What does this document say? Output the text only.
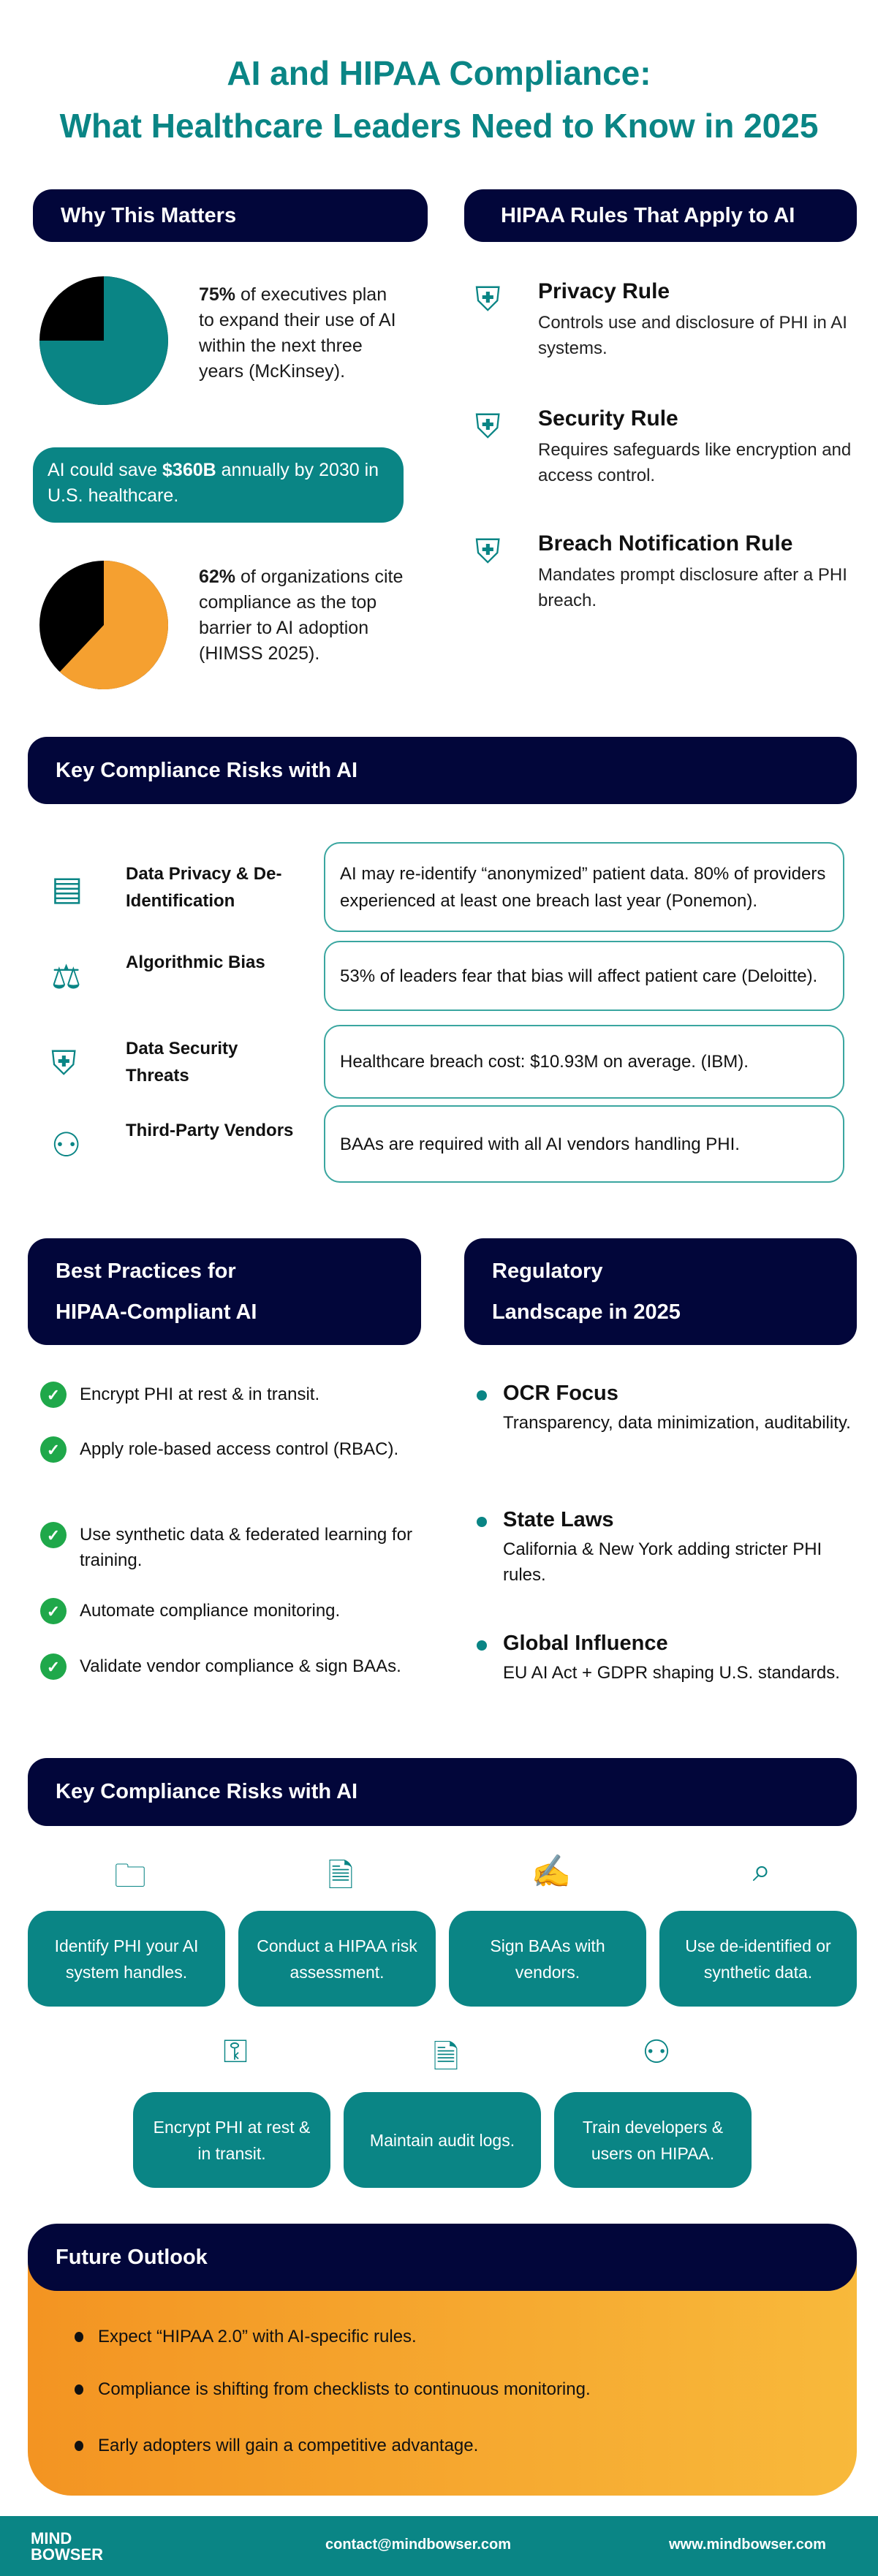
AI and HIPAA Compliance:
What Healthcare Leaders Need to Know in 2025
Why This Matters
75% of executives plan to expand their use of AI within the next three years (McKinsey).
AI could save $360B annually by 2030 in U.S. healthcare.
62% of organizations cite compliance as the top barrier to AI adoption (HIMSS 2025).
HIPAA Rules That Apply to AI
⛨ Privacy Rule
Controls use and disclosure of PHI in AI systems.
⛨ Security Rule
Requires safeguards like encryption and access control.
⛨ Breach Notification Rule
Mandates prompt disclosure after a PHI breach.
Key Compliance Risks with AI
▤ Data Privacy & De-Identification
AI may re-identify “anonymized” patient data. 80% of providers experienced at least one breach last year (Ponemon).
⚖	Algorithmic Bias
53% of leaders fear that bias will affect patient care (Deloitte).
⛨	Data Security Threats
Healthcare breach cost: $10.93M on average. (IBM).
⚇	Third-Party Vendors
BAAs are required with all AI vendors handling PHI.
Best Practices for HIPAA-Compliant AI
✓	Encrypt PHI at rest & in transit.
✓	Apply role-based access control (RBAC).
✓	Use synthetic data & federated learning for training.
✓	Automate compliance monitoring.
✓	Validate vendor compliance & sign BAAs.
Regulatory Landscape in 2025
OCR Focus
Transparency, data minimization, auditability.
State Laws
California & New York adding stricter PHI rules.
Global Influence
EU AI Act + GDPR shaping U.S. standards.
Key Compliance Risks with AI
🗀
Identify PHI your AI system handles.
🗎
Conduct a HIPAA risk assessment.
✍
Sign BAAs with vendors.
⌕
Use de-identified or synthetic data.
⚿
Encrypt PHI at rest & in transit.
🗎
Maintain audit logs.
⚇
Train developers & users on HIPAA.
Future Outlook
Expect “HIPAA 2.0” with AI-specific rules.
Compliance is shifting from checklists to continuous monitoring.
Early adopters will gain a competitive advantage.
MIND BOWSER
contact@mindbowser.com	www.mindbowser.com
